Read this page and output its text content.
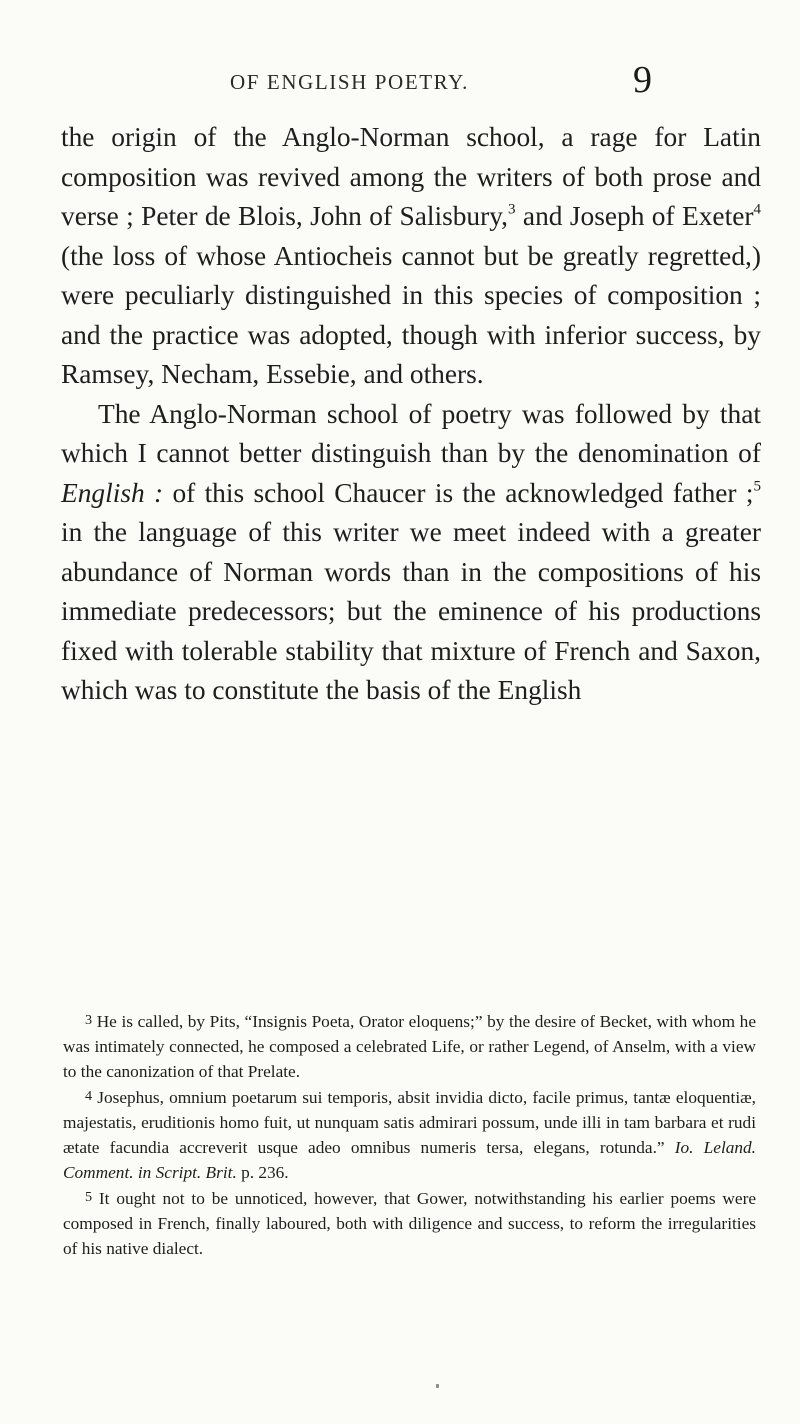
OF ENGLISH POETRY.	9

the origin of the Anglo-Norman school, a rage for Latin composition was revived among the writers of both prose and verse ; Peter de Blois, John of Salisbury,$^3$ and Joseph of Exeter$^4$ (the loss of whose Antiocheis cannot but be greatly regretted,) were peculiarly distinguished in this species of composition ; and the practice was adopted, though with inferior success, by Ramsey, Necham, Essebie, and others.

The Anglo-Norman school of poetry was followed by that which I cannot better distinguish than by the denomination of English : of this school Chaucer is the acknowledged father ;$^5$ in the language of this writer we meet indeed with a greater abundance of Norman words than in the compositions of his immediate predecessors; but the eminence of his productions fixed with tolerable stability that mixture of French and Saxon, which was to constitute the basis of the English

3 He is called, by Pits, “Insignis Poeta, Orator eloquens;” by the desire of Becket, with whom he was intimately connected, he composed a celebrated Life, or rather Legend, of Anselm, with a view to the canonization of that Prelate.

4 Josephus, omnium poetarum sui temporis, absit invidia dicto, facile primus, tantæ eloquentiæ, majestatis, eruditionis homo fuit, ut nunquam satis admirari possum, unde illi in tam barbara et rudi ætate facundia accreverit usque adeo omnibus numeris tersa, elegans, rotunda.” Io. Leland. Comment. in Script. Brit. p. 236.

5 It ought not to be unnoticed, however, that Gower, notwithstanding his earlier poems were composed in French, finally laboured, both with diligence and success, to reform the irregularities of his native dialect.
